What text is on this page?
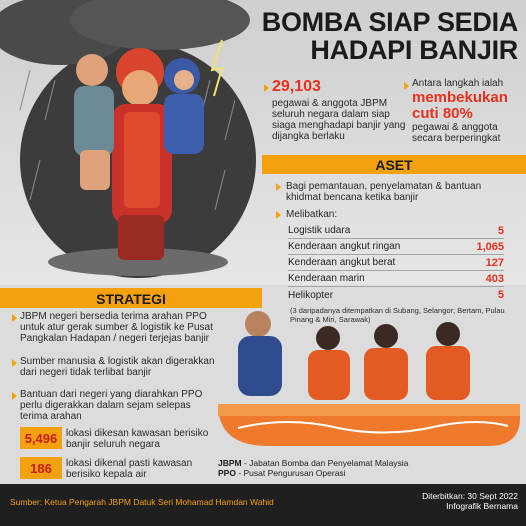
BOMBA SIAP SEDIA
HADAPI BANJIR
29,103
pegawai & anggota JBPM seluruh negara dalam siap siaga menghadapi banjir yang dijangka berlaku
Antara langkah ialah
membekukan
cuti 80%
pegawai & anggota secara berperingkat
ASET
Bagi pemantauan, penyelamatan & bantuan khidmat bencana ketika banjir
Melibatkan:
Logistik udara	5
Kenderaan angkut ringan	1,065
Kenderaan angkut berat	127
Kenderaan marin	403
Helikopter	5
(3 daripadanya ditempatkan di Subang, Selangor; Bertam, Pulau Pinang & Miri, Sarawak)
STRATEGI
JBPM negeri bersedia terima arahan PPO untuk atur gerak sumber & logistik ke Pusat Pangkalan Hadapan / negeri terjejas banjir
Sumber manusia & logistik akan digerakkan dari negeri tidak terlibat banjir
Bantuan dari negeri yang diarahkan PPO perlu digerakkan dalam sejam selepas terima arahan
5,496 lokasi dikesan kawasan berisiko banjir seluruh negara
186	lokasi dikenal pasti kawasan berisiko kepala air
JBPM - Jabatan Bomba dan Penyelamat Malaysia
PPO - Pusat Pengurusan Operasi
Sumber: Ketua Pengarah JBPM Datuk Seri Mohamad Hamdan Wahid
Diterbitkan: 30 Sept 2022
Infografik Bernama
